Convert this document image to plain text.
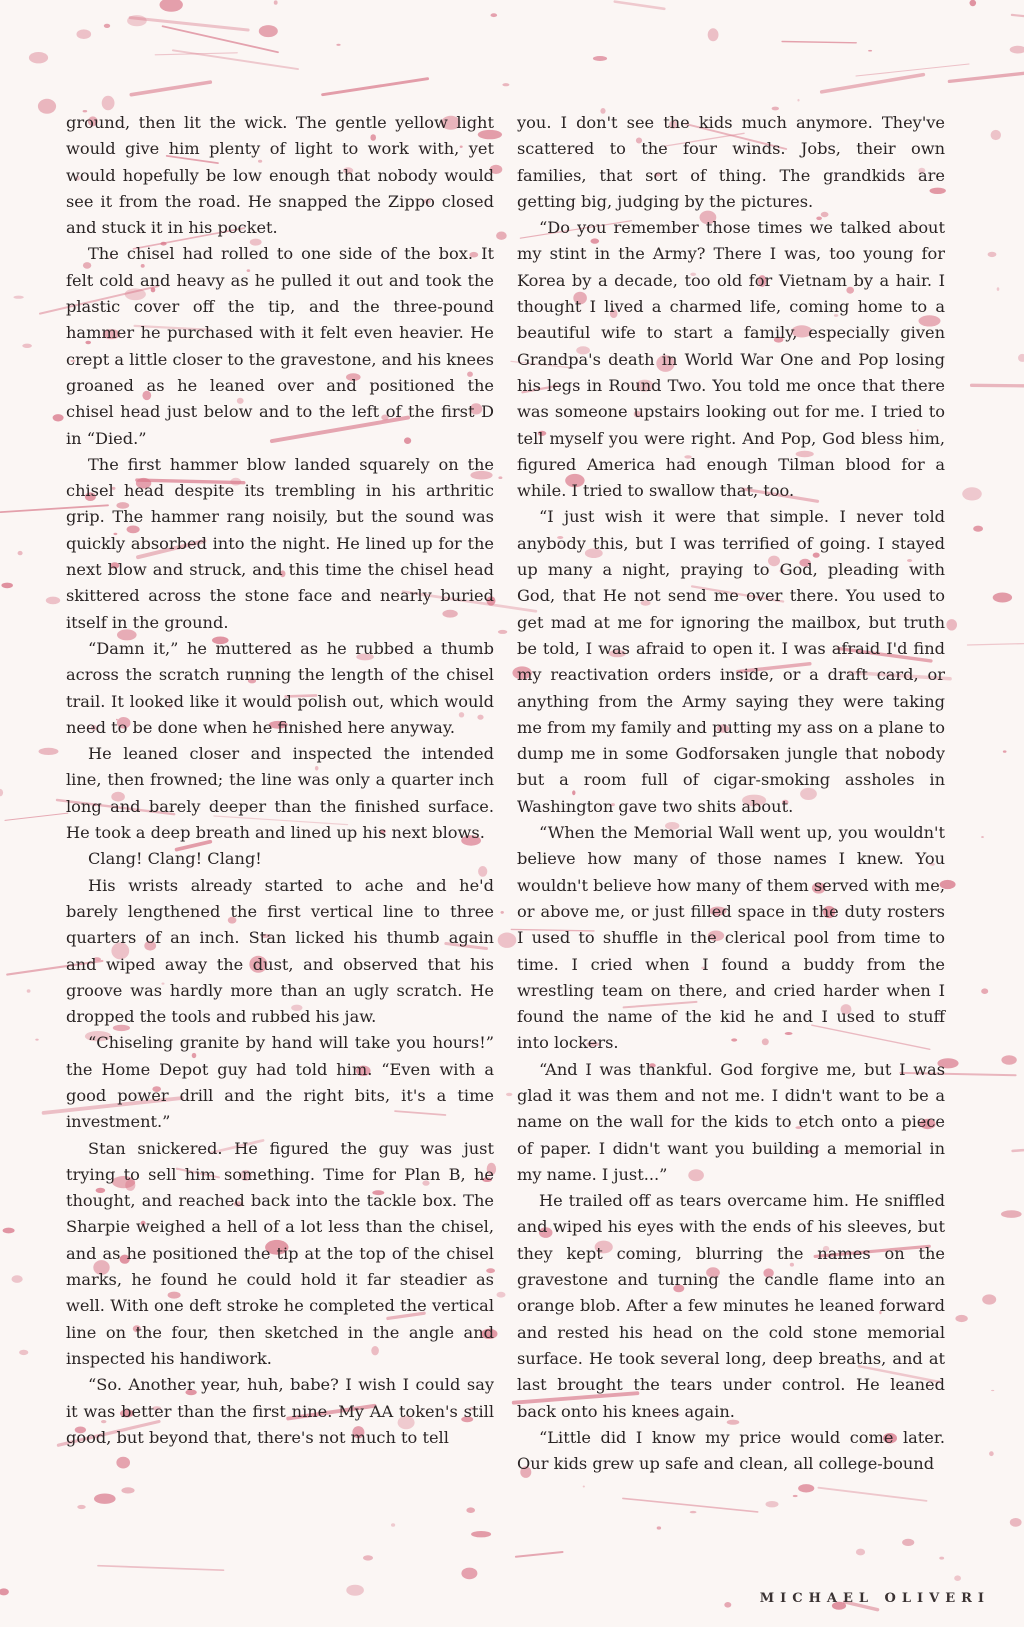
ground, then lit the wick. The gentle yellow light would give him plenty of light to work with, yet would hopefully be low enough that nobody would see it from the road. He snapped the Zippo closed and stuck it in his pocket.

The chisel had rolled to one side of the box. It felt cold and heavy as he pulled it out and took the plastic cover off the tip, and the three-pound hammer he purchased with it felt even heavier. He crept a little closer to the gravestone, and his knees groaned as he leaned over and positioned the chisel head just below and to the left of the first D in “Died.”

The first hammer blow landed squarely on the chisel head despite its trembling in his arthritic grip. The hammer rang noisily, but the sound was quickly absorbed into the night. He lined up for the next blow and struck, and this time the chisel head skittered across the stone face and nearly buried itself in the ground.

“Damn it,” he muttered as he rubbed a thumb across the scratch running the length of the chisel trail. It looked like it would polish out, which would need to be done when he finished here anyway.

He leaned closer and inspected the intended line, then frowned; the line was only a quarter inch long and barely deeper than the finished surface. He took a deep breath and lined up his next blows.

Clang! Clang! Clang!

His wrists already started to ache and he'd barely lengthened the first vertical line to three quarters of an inch. Stan licked his thumb again and wiped away the dust, and observed that his groove was hardly more than an ugly scratch. He dropped the tools and rubbed his jaw.

“Chiseling granite by hand will take you hours!” the Home Depot guy had told him. “Even with a good power drill and the right bits, it's a time investment.”

Stan snickered. He figured the guy was just trying to sell him something. Time for Plan B, he thought, and reached back into the tackle box. The Sharpie weighed a hell of a lot less than the chisel, and as he positioned the tip at the top of the chisel marks, he found he could hold it far steadier as well. With one deft stroke he completed the vertical line on the four, then sketched in the angle and inspected his handiwork.

“So. Another year, huh, babe? I wish I could say it was better than the first nine. My AA token's still good, but beyond that, there's not much to tell

you. I don't see the kids much anymore. They've scattered to the four winds. Jobs, their own families, that sort of thing. The grandkids are getting big, judging by the pictures.

“Do you remember those times we talked about my stint in the Army? There I was, too young for Korea by a decade, too old for Vietnam by a hair. I thought I lived a charmed life, coming home to a beautiful wife to start a family, especially given Grandpa's death in World War One and Pop losing his legs in Round Two. You told me once that there was someone upstairs looking out for me. I tried to tell myself you were right. And Pop, God bless him, figured America had enough Tilman blood for a while. I tried to swallow that, too.

“I just wish it were that simple. I never told anybody this, but I was terrified of going. I stayed up many a night, praying to God, pleading with God, that He not send me over there. You used to get mad at me for ignoring the mailbox, but truth be told, I was afraid to open it. I was afraid I'd find my reactivation orders inside, or a draft card, or anything from the Army saying they were taking me from my family and putting my ass on a plane to dump me in some Godforsaken jungle that nobody but a room full of cigar-smoking assholes in Washington gave two shits about.

“When the Memorial Wall went up, you wouldn't believe how many of those names I knew. You wouldn't believe how many of them served with me, or above me, or just filled space in the duty rosters I used to shuffle in the clerical pool from time to time. I cried when I found a buddy from the wrestling team on there, and cried harder when I found the name of the kid he and I used to stuff into lockers.

“And I was thankful. God forgive me, but I was glad it was them and not me. I didn't want to be a name on the wall for the kids to etch onto a piece of paper. I didn't want you building a memorial in my name. I just...”

He trailed off as tears overcame him. He sniffled and wiped his eyes with the ends of his sleeves, but they kept coming, blurring the names on the gravestone and turning the candle flame into an orange blob. After a few minutes he leaned forward and rested his head on the cold stone memorial surface. He took several long, deep breaths, and at last brought the tears under control. He leaned back onto his knees again.

“Little did I know my price would come later. Our kids grew up safe and clean, all college-bound

MICHAEL OLIVERI
